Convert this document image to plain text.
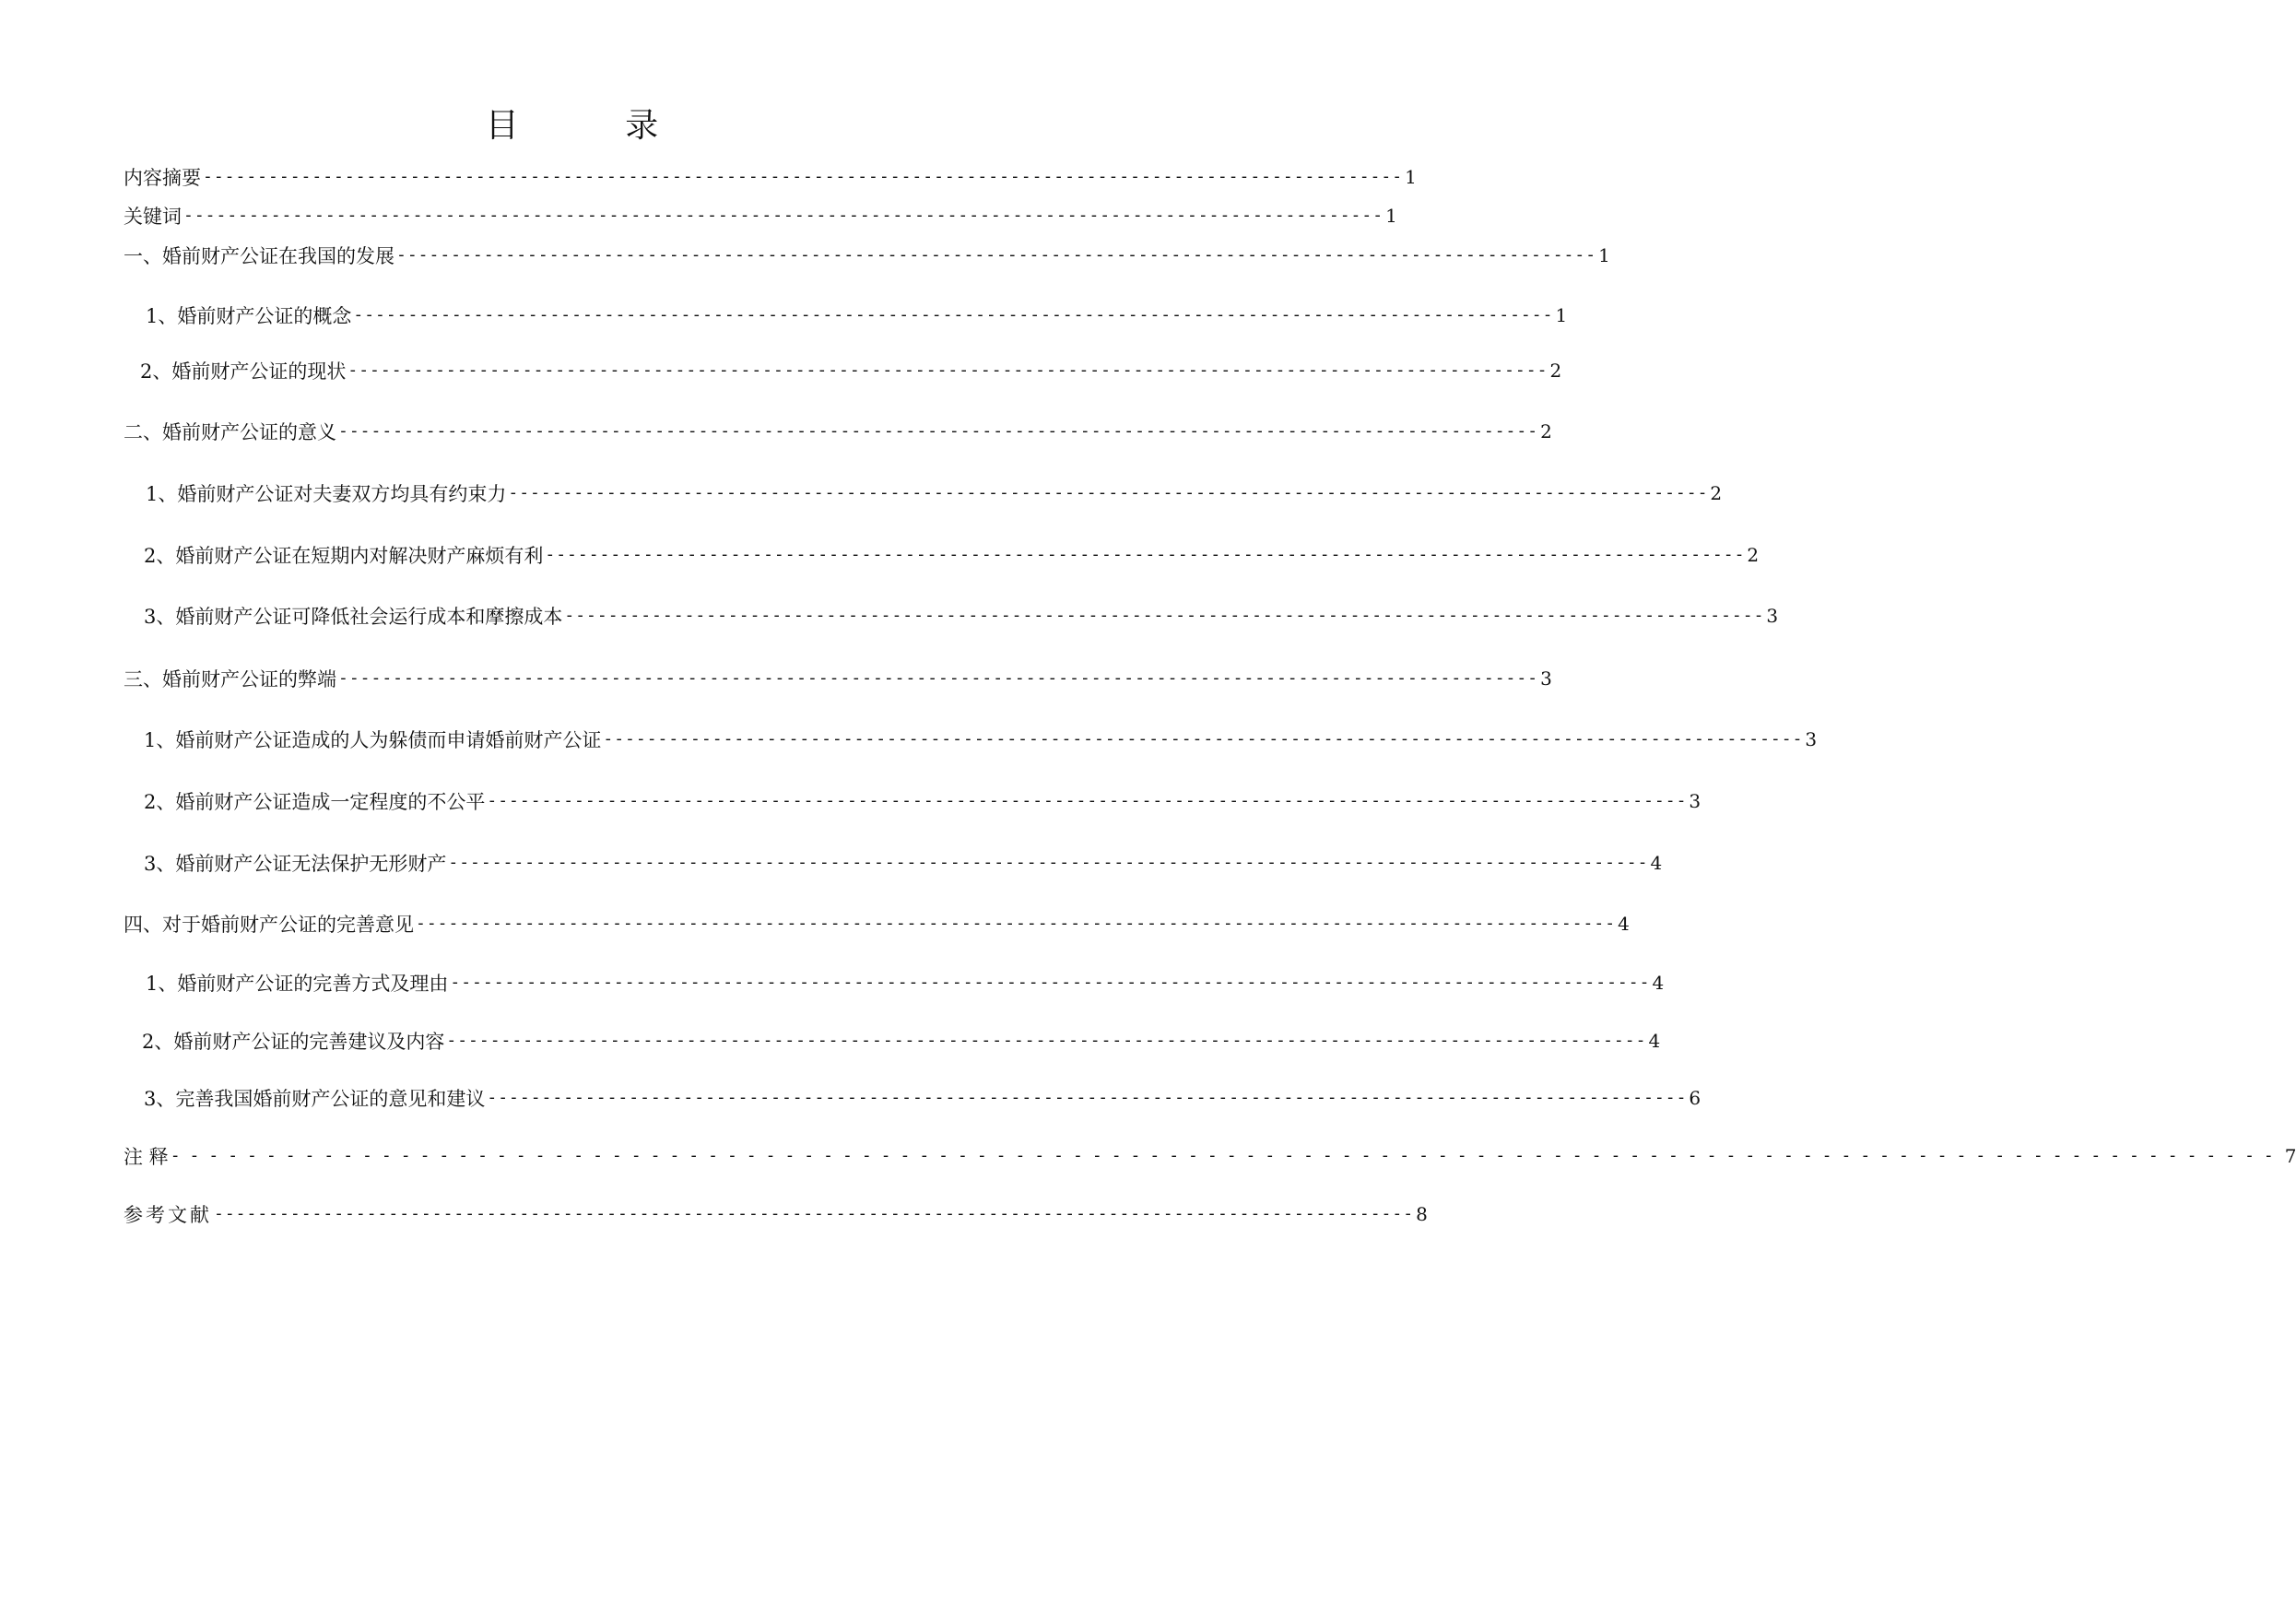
目 录
内容摘要 -------------------------------------------------------------------------------------------------------------- 1
关键词 -------------------------------------------------------------------------------------------------------------- 1
一、婚前财产公证在我国的发展 -------------------------------------------------------------------------------------------------------------- 1
1、婚前财产公证的概念 -------------------------------------------------------------------------------------------------------------- 1
2、婚前财产公证的现状 -------------------------------------------------------------------------------------------------------------- 2
二、婚前财产公证的意义 -------------------------------------------------------------------------------------------------------------- 2
1、婚前财产公证对夫妻双方均具有约束力 -------------------------------------------------------------------------------------------------------------- 2
2、婚前财产公证在短期内对解决财产麻烦有利 -------------------------------------------------------------------------------------------------------------- 2
3、婚前财产公证可降低社会运行成本和摩擦成本 -------------------------------------------------------------------------------------------------------------- 3
三、婚前财产公证的弊端 -------------------------------------------------------------------------------------------------------------- 3
1、婚前财产公证造成的人为躲债而申请婚前财产公证 -------------------------------------------------------------------------------------------------------------- 3
2、婚前财产公证造成一定程度的不公平 -------------------------------------------------------------------------------------------------------------- 3
3、婚前财产公证无法保护无形财产 -------------------------------------------------------------------------------------------------------------- 4
四、对于婚前财产公证的完善意见 -------------------------------------------------------------------------------------------------------------- 4
1、婚前财产公证的完善方式及理由 -------------------------------------------------------------------------------------------------------------- 4
2、婚前财产公证的完善建议及内容 -------------------------------------------------------------------------------------------------------------- 4
3、完善我国婚前财产公证的意见和建议 -------------------------------------------------------------------------------------------------------------- 6
注 释 -------------------------------------------------------------------------------------------------------------- 7
参考文献 -------------------------------------------------------------------------------------------------------------- 8
